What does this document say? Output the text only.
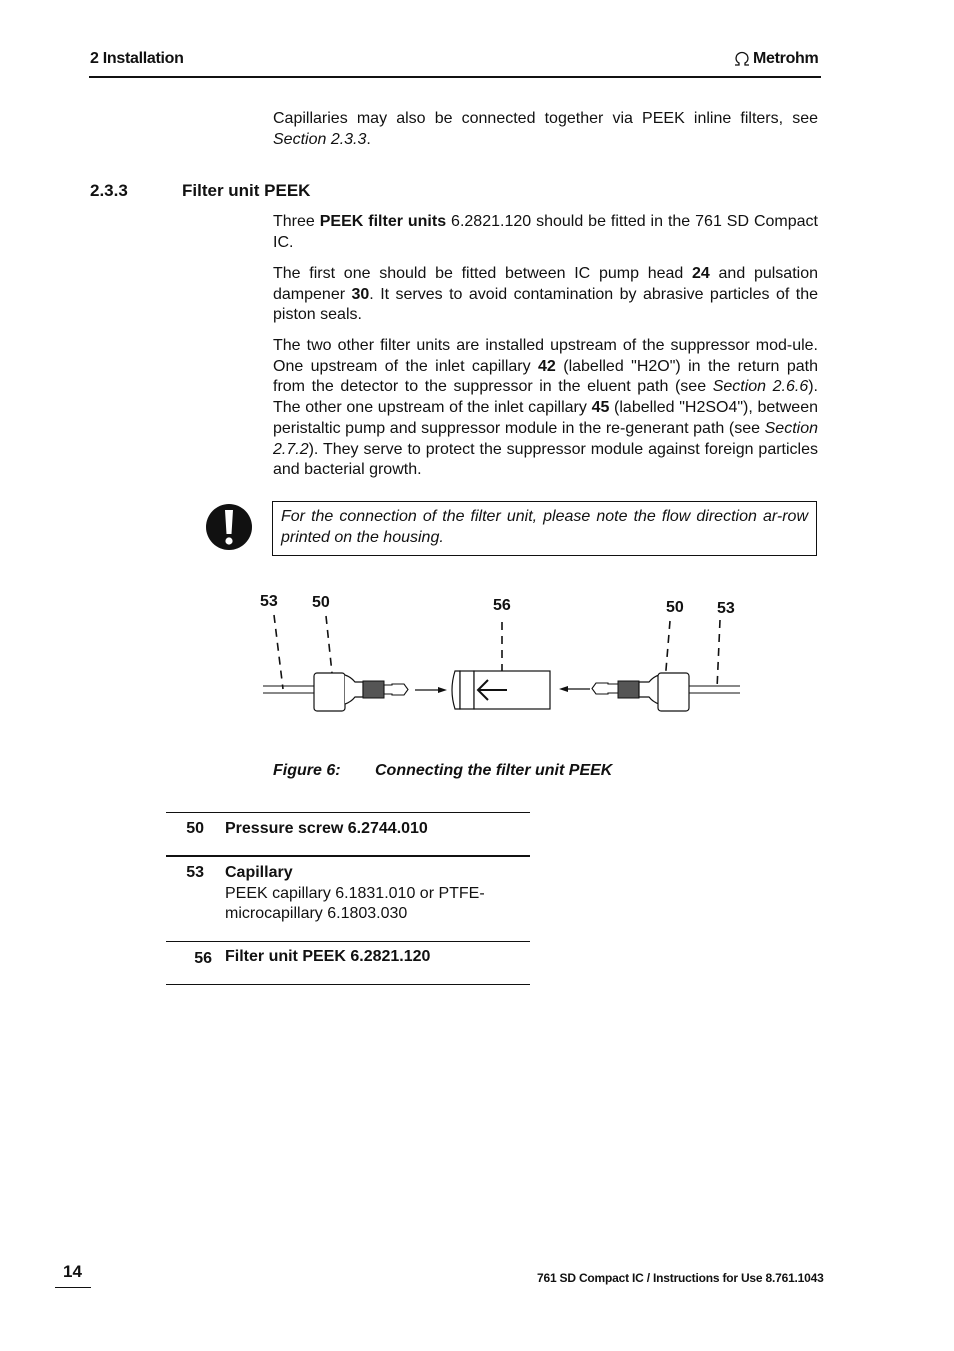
2 Installation	Metrohm
Capillaries may also be connected together via PEEK inline filters, see Section 2.3.3.
2.3.3	Filter unit PEEK
Three PEEK filter units 6.2821.120 should be fitted in the 761 SD Compact IC.
The first one should be fitted between IC pump head 24 and pulsation dampener 30. It serves to avoid contamination by abrasive particles of the piston seals.
The two other filter units are installed upstream of the suppressor mod-ule. One upstream of the inlet capillary 42 (labelled "H2O") in the return path from the detector to the suppressor in the eluent path (see Section 2.6.6). The other one upstream of the inlet capillary 45 (labelled "H2SO4"), between peristaltic pump and suppressor module in the re-generant path (see Section 2.7.2). They serve to protect the suppressor module against foreign particles and bacterial growth.
For the connection of the filter unit, please note the flow direction ar-row printed on the housing.
53 50	56	50 53
Figure 6: Connecting the filter unit PEEK
50 Pressure screw 6.2744.010
53 Capillary
PEEK capillary 6.1831.010 or PTFE-microcapillary 6.1803.030
56 Filter unit PEEK 6.2821.120
14	761 SD Compact IC / Instructions for Use 8.761.1043
